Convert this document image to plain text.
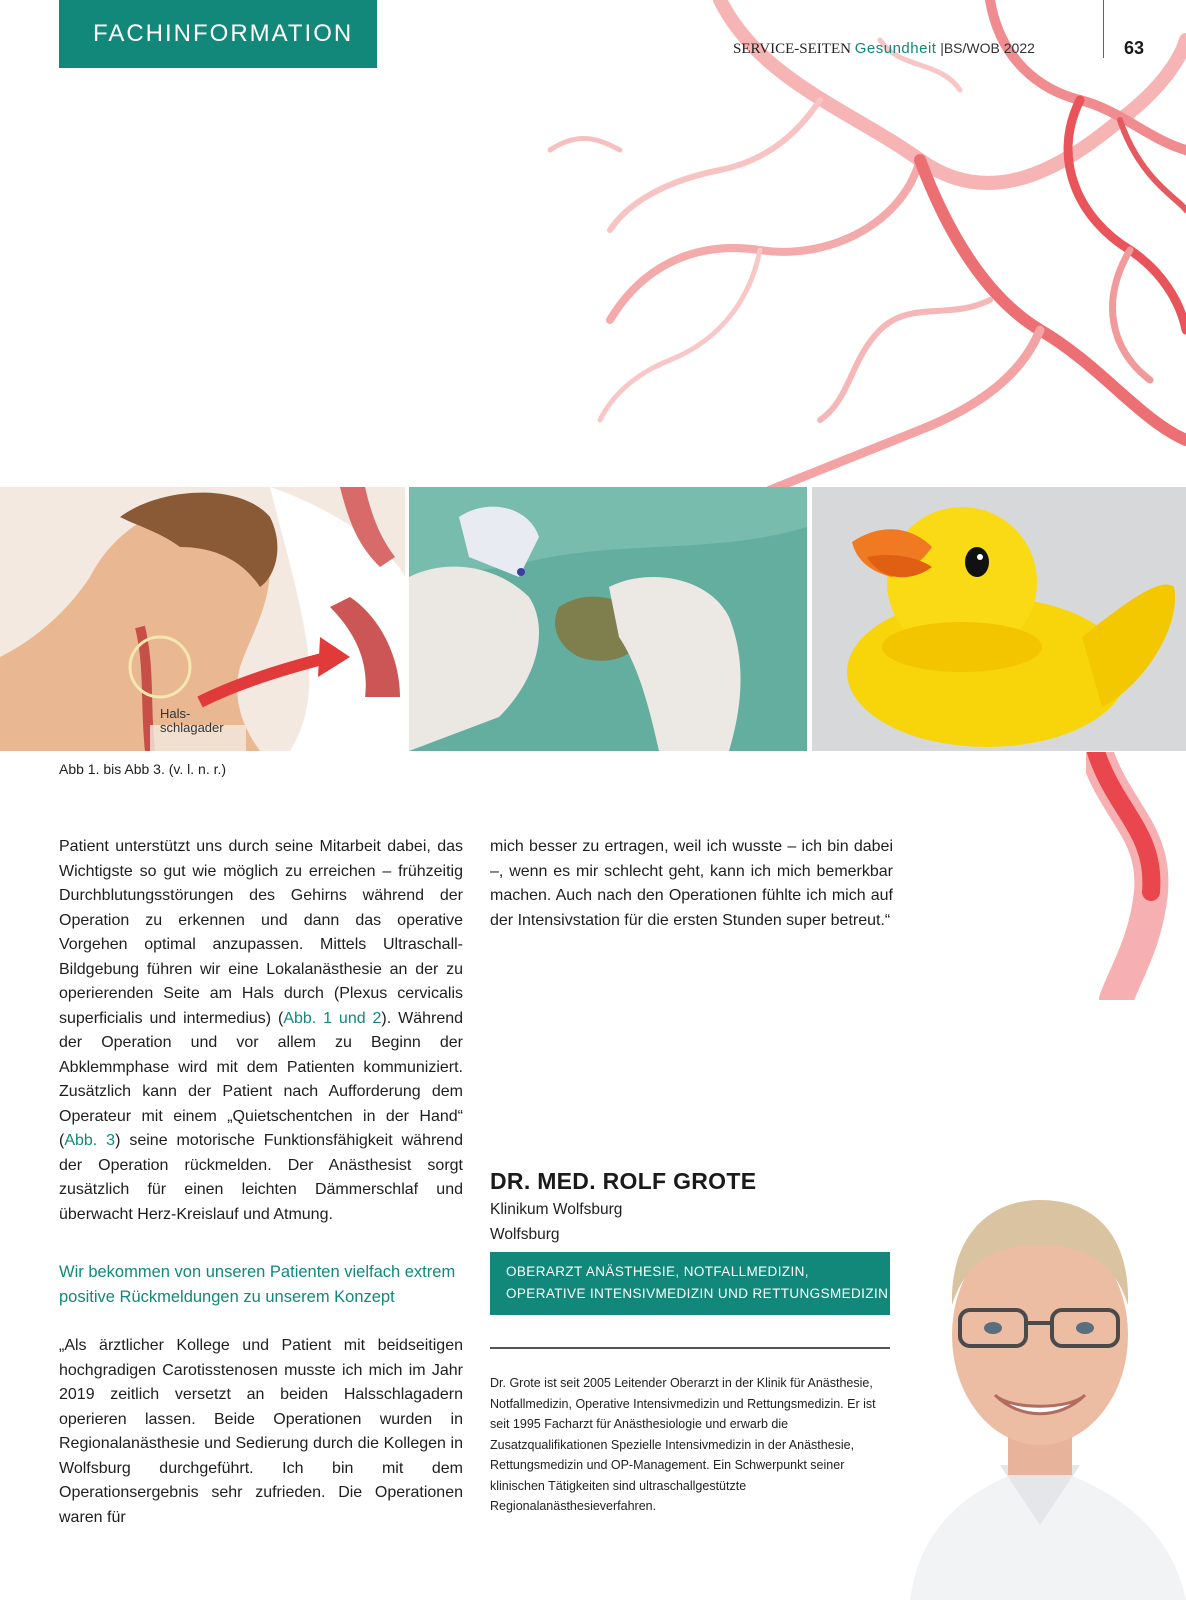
FACHINFORMATION
SERVICE-SEITEN Gesundheit |BS/WOB 2022	63
Hals-schlagader
Abb 1. bis Abb 3. (v. l. n. r.)

Patient unterstützt uns durch seine Mitarbeit dabei, das Wichtigste so gut wie möglich zu erreichen – frühzeitig Durchblutungsstörungen des Gehirns während der Operation zu erkennen und dann das operative Vorgehen optimal anzupassen. Mittels Ultraschall-Bildgebung führen wir eine Lokalanästhesie an der zu operierenden Seite am Hals durch (Plexus cervicalis superficialis und intermedius) (Abb. 1 und 2). Während der Operation und vor allem zu Beginn der Abklemmphase wird mit dem Patienten kommuniziert. Zusätzlich kann der Patient nach Aufforderung dem Operateur mit einem „Quietschentchen in der Hand“ (Abb. 3) seine motorische Funktionsfähigkeit während der Operation rückmelden. Der Anästhesist sorgt zusätzlich für einen leichten Dämmerschlaf und überwacht Herz-Kreislauf und Atmung.

Wir bekommen von unseren Patienten vielfach extrem positive Rückmeldungen zu unserem Konzept

„Als ärztlicher Kollege und Patient mit beidseitigen hochgradigen Carotisstenosen musste ich mich im Jahr 2019 zeitlich versetzt an beiden Halsschlagadern operieren lassen. Beide Operationen wurden in Regionalanästhesie und Sedierung durch die Kollegen in Wolfsburg durchgeführt. Ich bin mit dem Operationsergebnis sehr zufrieden. Die Operationen waren für

mich besser zu ertragen, weil ich wusste – ich bin dabei –, wenn es mir schlecht geht, kann ich mich bemerkbar machen. Auch nach den Operationen fühlte ich mich auf der Intensivstation für die ersten Stunden super betreut.“

DR. MED. ROLF GROTE
Klinikum Wolfsburg
Wolfsburg
OBERARZT ANÄSTHESIE, NOTFALLMEDIZIN,
OPERATIVE INTENSIVMEDIZIN UND RETTUNGSMEDIZIN
Dr. Grote ist seit 2005 Leitender Oberarzt in der Klinik für Anästhesie, Notfallmedizin, Operative Intensivmedizin und Rettungsmedizin. Er ist seit 1995 Facharzt für Anästhesiologie und erwarb die Zusatzqualifikationen Spezielle Intensivmedizin in der Anästhesie, Rettungsmedizin und OP-Management. Ein Schwerpunkt seiner klinischen Tätigkeiten sind ultraschallgestützte Regionalanästhesieverfahren.
